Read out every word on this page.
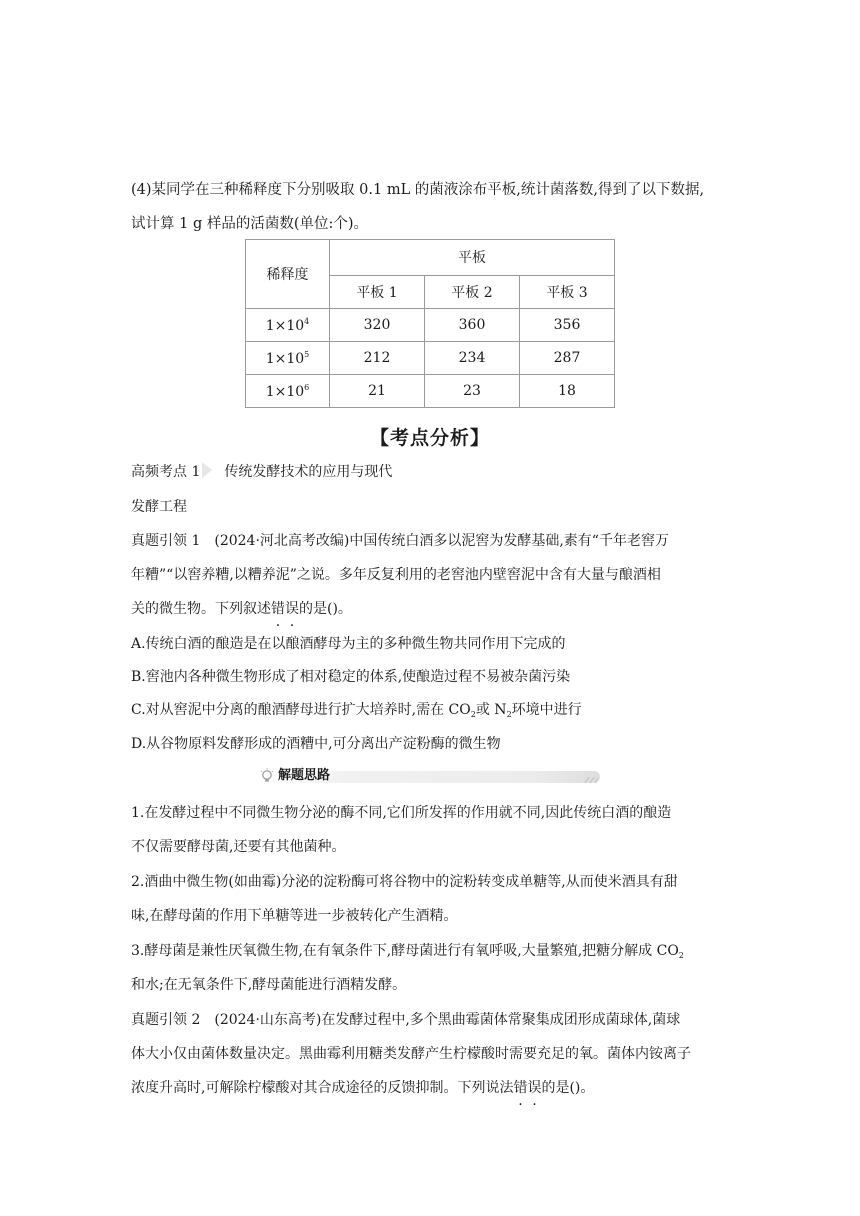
(4)某同学在三种稀释度下分别吸取 0.1 mL 的菌液涂布平板,统计菌落数,得到了以下数据,
试计算 1 g 样品的活菌数(单位:个)。
稀释度	平板		
	平板 1	平板 2	平板 3
$1\times 10^4$	320	360	356
$1\times 10^5$	212	234	287
$1\times 10^6$	21	23	18
【考点分析】
高频考点 1 传统发酵技术的应用与现代
发酵工程
真题引领 1　(2024·河北高考改编)中国传统白酒多以泥窖为发酵基础,素有“千年老窖万
年糟”“以窖养糟,以糟养泥”之说。多年反复利用的老窖池内壁窖泥中含有大量与酿酒相
关的微生物。下列叙述错误的是()。
A.传统白酒的酿造是在以酿酒酵母为主的多种微生物共同作用下完成的
B.窖池内各种微生物形成了相对稳定的体系,使酿造过程不易被杂菌污染
C.对从窖泥中分离的酿酒酵母进行扩大培养时,需在 $CO_2$或 $N_2$环境中进行
D.从谷物原料发酵形成的酒糟中,可分离出产淀粉酶的微生物
解题思路
1.在发酵过程中不同微生物分泌的酶不同,它们所发挥的作用就不同,因此传统白酒的酿造
不仅需要酵母菌,还要有其他菌种。
2.酒曲中微生物(如曲霉)分泌的淀粉酶可将谷物中的淀粉转变成单糖等,从而使米酒具有甜
味,在酵母菌的作用下单糖等进一步被转化产生酒精。
3.酵母菌是兼性厌氧微生物,在有氧条件下,酵母菌进行有氧呼吸,大量繁殖,把糖分解成 $CO_2$
和水;在无氧条件下,酵母菌能进行酒精发酵。
真题引领 2　(2024·山东高考)在发酵过程中,多个黑曲霉菌体常聚集成团形成菌球体,菌球
体大小仅由菌体数量决定。黑曲霉利用糖类发酵产生柠檬酸时需要充足的氧。菌体内铵离子
浓度升高时,可解除柠檬酸对其合成途径的反馈抑制。下列说法错误的是()。
